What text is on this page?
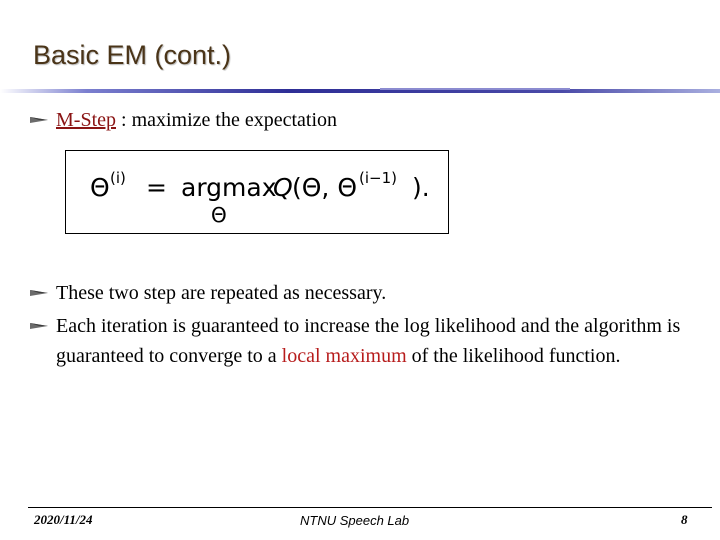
Basic EM (cont.)
M-Step : maximize the expectation
Θ (i) = argmax
Θ
Q (Θ, Θ (i−1) ).
These two step are repeated as necessary.
Each iteration is guaranteed to increase the log likelihood and the algorithm is guaranteed to converge to a local maximum of the likelihood function.
2020/11/24	NTNU Speech Lab	8
